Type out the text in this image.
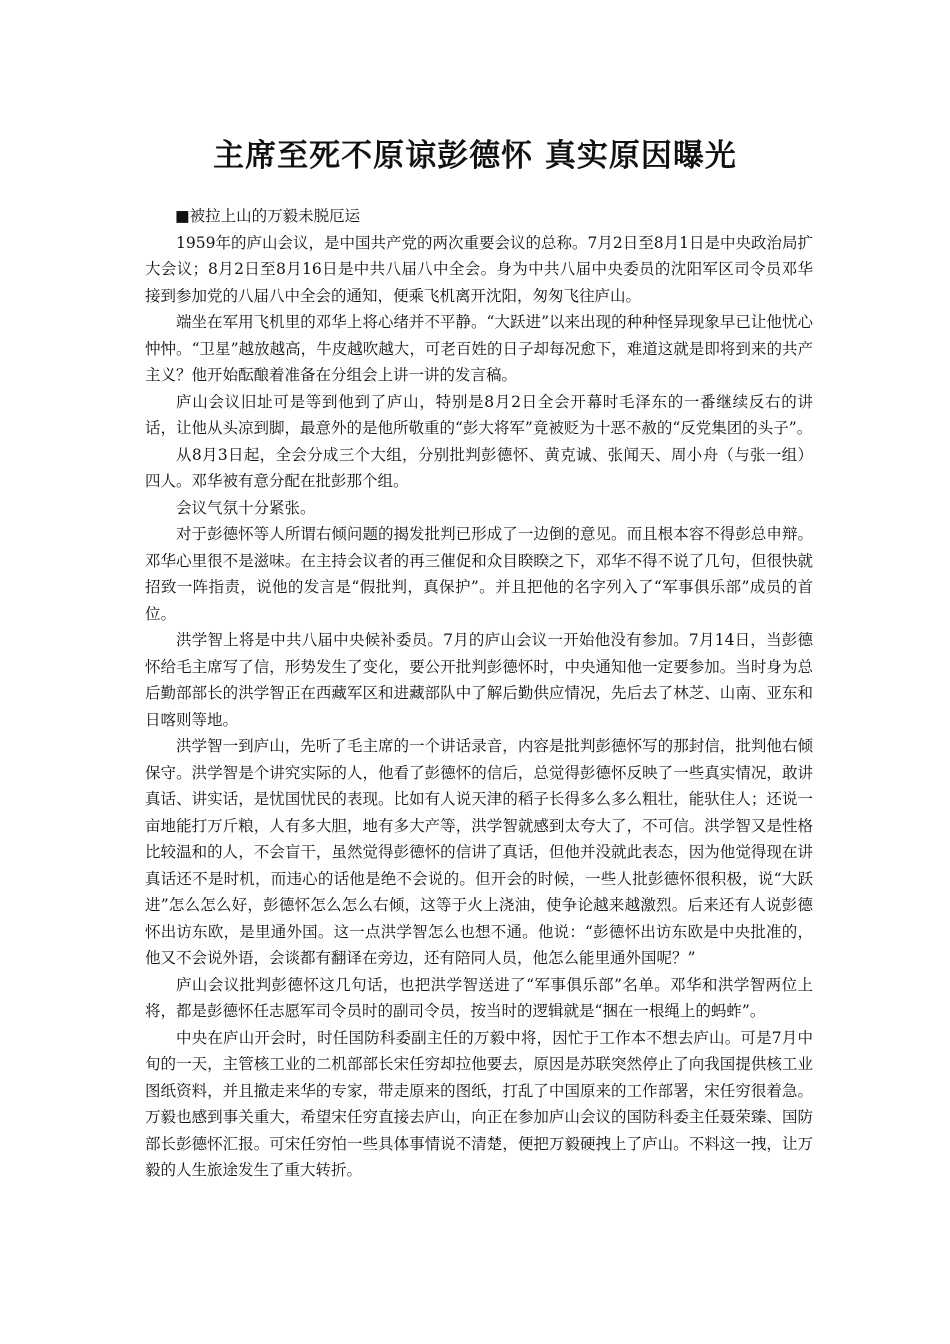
主席至死不原谅彭德怀 真实原因曝光

■被拉上山的万毅未脱厄运

1959年的庐山会议，是中国共产党的两次重要会议的总称。7月2日至8月1日是中央政治局扩大会议；8月2日至8月16日是中共八届八中全会。身为中共八届中央委员的沈阳军区司令员邓华接到参加党的八届八中全会的通知，便乘飞机离开沈阳，匆匆飞往庐山。

端坐在军用飞机里的邓华上将心绪并不平静。“大跃进”以来出现的种种怪异现象早已让他忧心忡忡。“卫星”越放越高，牛皮越吹越大，可老百姓的日子却每况愈下，难道这就是即将到来的共产主义？他开始酝酿着准备在分组会上讲一讲的发言稿。

庐山会议旧址可是等到他到了庐山，特别是8月2日全会开幕时毛泽东的一番继续反右的讲话，让他从头凉到脚，最意外的是他所敬重的“彭大将军”竟被贬为十恶不赦的“反党集团的头子”。

从8月3日起，全会分成三个大组，分别批判彭德怀、黄克诚、张闻天、周小舟（与张一组）四人。邓华被有意分配在批彭那个组。

会议气氛十分紧张。

对于彭德怀等人所谓右倾问题的揭发批判已形成了一边倒的意见。而且根本容不得彭总申辩。邓华心里很不是滋味。在主持会议者的再三催促和众目睽睽之下，邓华不得不说了几句，但很快就招致一阵指责，说他的发言是“假批判，真保护”。并且把他的名字列入了“军事俱乐部”成员的首位。

洪学智上将是中共八届中央候补委员。7月的庐山会议一开始他没有参加。7月14日，当彭德怀给毛主席写了信，形势发生了变化，要公开批判彭德怀时，中央通知他一定要参加。当时身为总后勤部部长的洪学智正在西藏军区和进藏部队中了解后勤供应情况，先后去了林芝、山南、亚东和日喀则等地。

洪学智一到庐山，先听了毛主席的一个讲话录音，内容是批判彭德怀写的那封信，批判他右倾保守。洪学智是个讲究实际的人，他看了彭德怀的信后，总觉得彭德怀反映了一些真实情况，敢讲真话、讲实话，是忧国忧民的表现。比如有人说天津的稻子长得多么多么粗壮，能驮住人；还说一亩地能打万斤粮，人有多大胆，地有多大产等，洪学智就感到太夸大了，不可信。洪学智又是性格比较温和的人，不会盲干，虽然觉得彭德怀的信讲了真话，但他并没就此表态，因为他觉得现在讲真话还不是时机，而违心的话他是绝不会说的。但开会的时候，一些人批彭德怀很积极，说“大跃进”怎么怎么好，彭德怀怎么怎么右倾，这等于火上浇油，使争论越来越激烈。后来还有人说彭德怀出访东欧，是里通外国。这一点洪学智怎么也想不通。他说：“彭德怀出访东欧是中央批准的，他又不会说外语，会谈都有翻译在旁边，还有陪同人员，他怎么能里通外国呢？”

庐山会议批判彭德怀这几句话，也把洪学智送进了“军事俱乐部”名单。邓华和洪学智两位上将，都是彭德怀任志愿军司令员时的副司令员，按当时的逻辑就是“捆在一根绳上的蚂蚱”。

中央在庐山开会时，时任国防科委副主任的万毅中将，因忙于工作本不想去庐山。可是7月中旬的一天，主管核工业的二机部部长宋任穷却拉他要去，原因是苏联突然停止了向我国提供核工业图纸资料，并且撤走来华的专家，带走原来的图纸，打乱了中国原来的工作部署，宋任穷很着急。万毅也感到事关重大，希望宋任穷直接去庐山，向正在参加庐山会议的国防科委主任聂荣臻、国防部长彭德怀汇报。可宋任穷怕一些具体事情说不清楚，便把万毅硬拽上了庐山。不料这一拽，让万毅的人生旅途发生了重大转折。
